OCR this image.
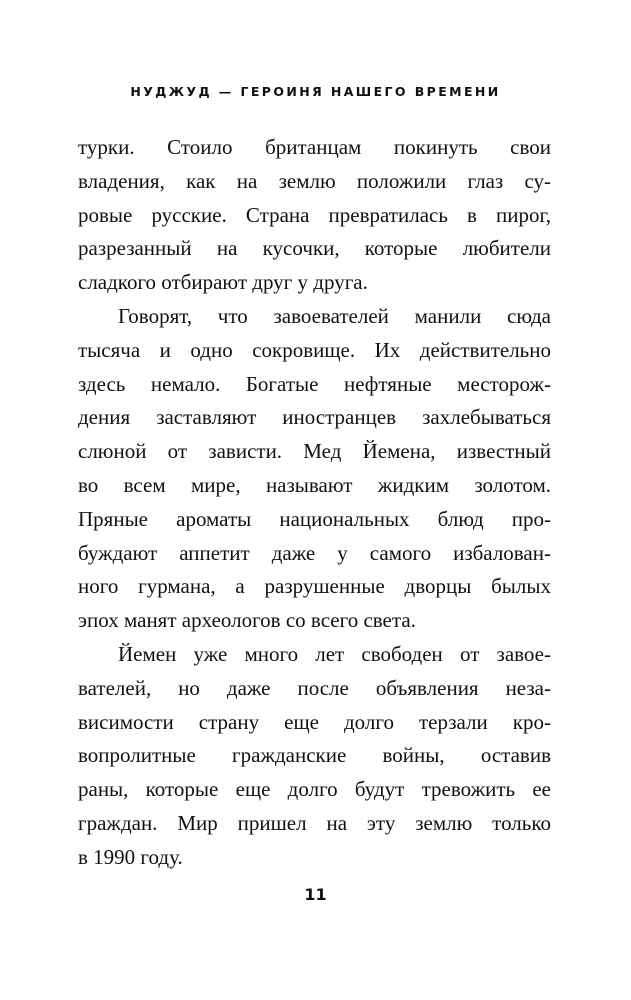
НУДЖУД — ГЕРОИНЯ НАШЕГО ВРЕМЕНИ
турки. Стоило британцам покинуть свои
владения, как на землю положили глаз су-
ровые русские. Страна превратилась в пирог,
разрезанный на кусочки, которые любители
сладкого отбирают друг у друга.
Говорят, что завоевателей манили сюда
тысяча и одно сокровище. Их действительно
здесь немало. Богатые нефтяные месторож-
дения заставляют иностранцев захлебываться
слюной от зависти. Мед Йемена, известный
во всем мире, называют жидким золотом.
Пряные ароматы национальных блюд про-
буждают аппетит даже у самого избалован-
ного гурмана, а разрушенные дворцы былых
эпох манят археологов со всего света.
Йемен уже много лет свободен от завое-
вателей, но даже после объявления неза-
висимости страну еще долго терзали кро-
вопролитные гражданские войны, оставив
раны, которые еще долго будут тревожить ее
граждан. Мир пришел на эту землю только
в 1990 году.
11
